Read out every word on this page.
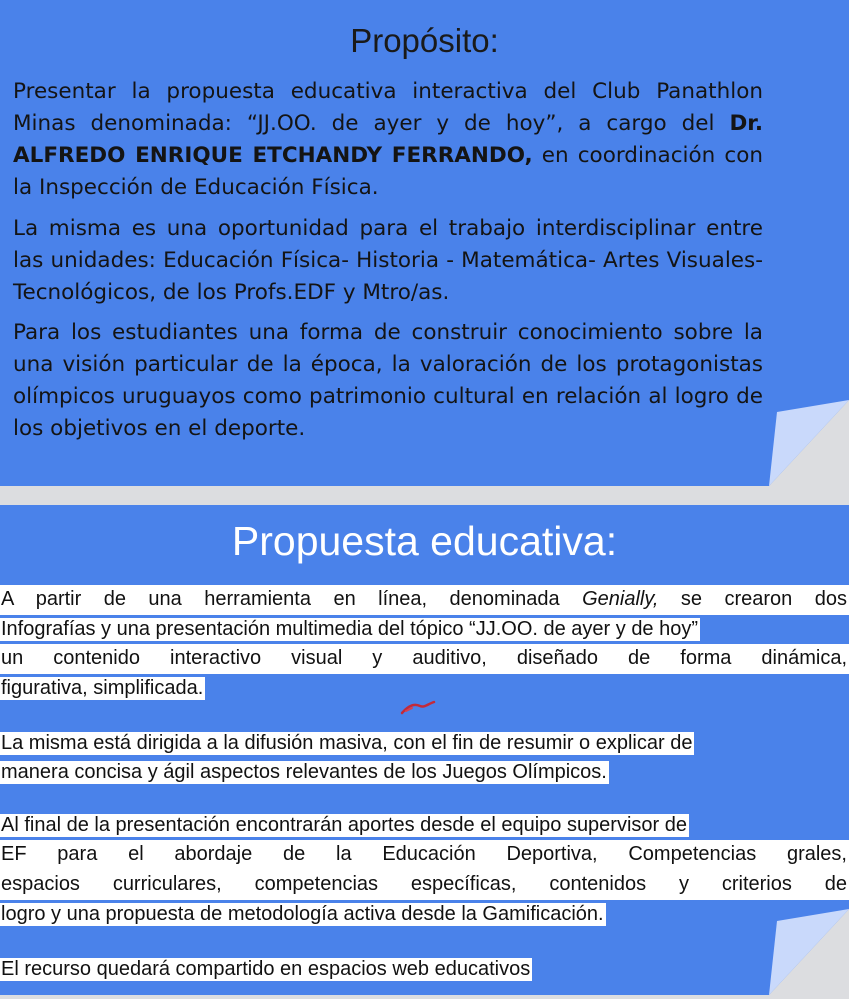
Propósito:

Presentar la propuesta educativa interactiva del Club Panathlon Minas denominada: “JJ.OO. de ayer y de hoy”, a cargo del Dr. ALFREDO ENRIQUE ETCHANDY FERRANDO, en coordinación con la Inspección de Educación Física.

La misma es una oportunidad para el trabajo interdisciplinar entre las unidades: Educación Física- Historia - Matemática- Artes Visuales-Tecnológicos, de los Profs.EDF y Mtro/as.

Para los estudiantes una forma de construir conocimiento sobre la una visión particular de la época, la valoración de los protagonistas olímpicos uruguayos como patrimonio cultural en relación al logro de los objetivos en el deporte.

Propuesta educativa:
A partir de una herramienta en línea, denominada Genially, se crearon dos
Infografías y una presentación multimedia del tópico “JJ.OO. de ayer y de hoy”
un contenido interactivo visual y auditivo, diseñado de forma dinámica,
figurativa, simplificada.
La misma está dirigida a la difusión masiva, con el fin de resumir o explicar de
manera concisa y ágil aspectos relevantes de los Juegos Olímpicos.
Al final de la presentación encontrarán aportes desde el equipo supervisor de
EF para el abordaje de la Educación Deportiva, Competencias grales,
espacios curriculares, competencias específicas, contenidos y criterios de
logro y una propuesta de metodología activa desde la Gamificación.
El recurso quedará compartido en espacios web educativos
